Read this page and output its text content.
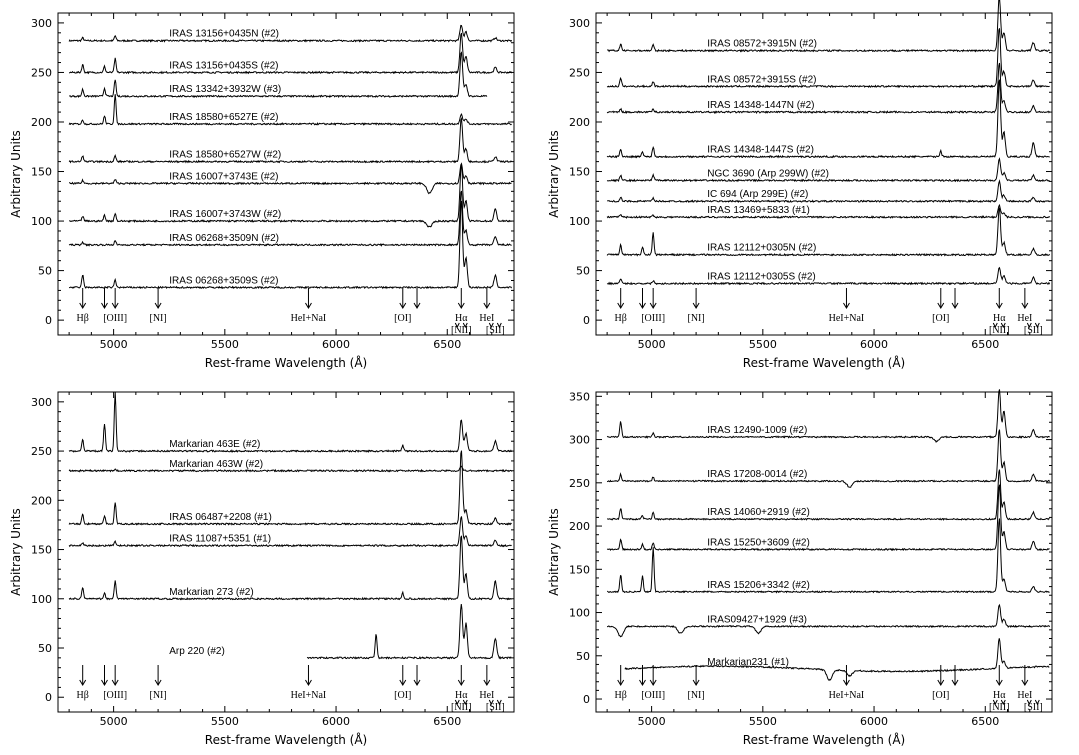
5000	5500	6000	6500
0
50
100
150
200
250
300
Rest-frame Wavelength (Å)
Arbitrary Units
IRAS 13156+0435N (#2)
IRAS 13156+0435S (#2)
IRAS 13342+3932W (#3)
IRAS 18580+6527E (#2)
IRAS 18580+6527W (#2)
IRAS 16007+3743E (#2)
IRAS 16007+3743W (#2)
IRAS 06268+3509N (#2)
IRAS 06268+3509S (#2)
Hβ [OIII] [NI]	HeI+NaI	[OI]	Hα HeI
[NII] [SII]
5000	5500	6000	6500
0
50
100
150
200
250
300
Rest-frame Wavelength (Å)
Arbitrary Units
IRAS 08572+3915N (#2)
IRAS 08572+3915S (#2)
IRAS 14348-1447N (#2)
IRAS 14348-1447S (#2)
NGC 3690 (Arp 299W) (#2)
IC 694 (Arp 299E) (#2)
IRAS 13469+5833 (#1)
IRAS 12112+0305N (#2)
IRAS 12112+0305S (#2)
Hβ [OIII] [NI]	HeI+NaI	[OI]	Hα HeI
[NII] [SII]
5000	5500	6000	6500
0
50
100
150
200
250
300
Rest-frame Wavelength (Å)
Arbitrary Units
Markarian 463E (#2)
Markarian 463W (#2)
IRAS 06487+2208 (#1)
IRAS 11087+5351 (#1)
Markarian 273 (#2)
Arp 220 (#2)
Hβ [OIII] [NI]	HeI+NaI	[OI]	Hα HeI
[NII] [SII]
5000	5500	6000	6500
0
50
100
150
200
250
300
350
Rest-frame Wavelength (Å)
Arbitrary Units
IRAS 12490-1009 (#2)
IRAS 17208-0014 (#2)
IRAS 14060+2919 (#2)
IRAS 15250+3609 (#2)
IRAS 15206+3342 (#2)
IRAS09427+1929 (#3)
Markarian231 (#1)
Hβ [OIII] [NI]	HeI+NaI	[OI]	Hα HeI
[NII] [SII]
